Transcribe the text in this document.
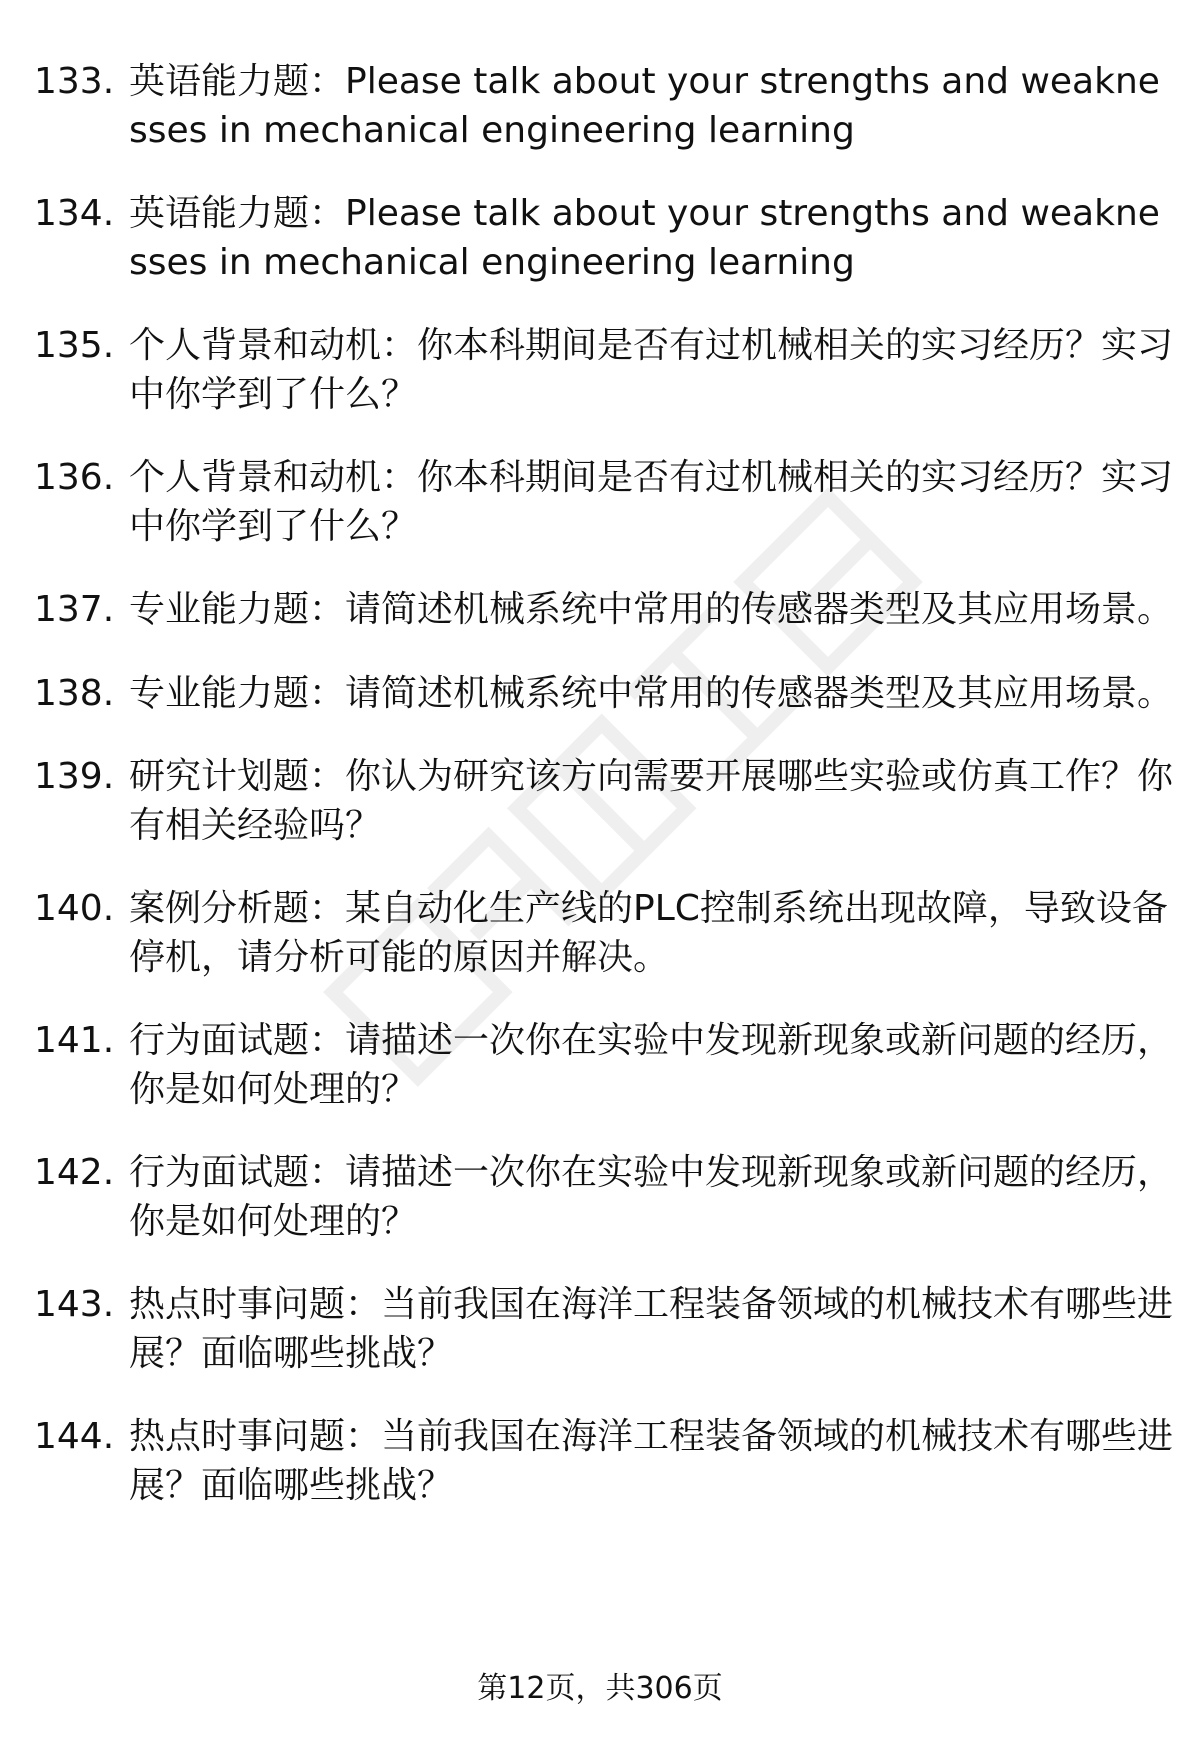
133. 英语能力题：Please talk about your strengths and weaknesses in mechanical engineering learning
134. 英语能力题：Please talk about your strengths and weaknesses in mechanical engineering learning
135. 个人背景和动机：你本科期间是否有过机械相关的实习经历？实习中你学到了什么？
136. 个人背景和动机：你本科期间是否有过机械相关的实习经历？实习中你学到了什么？
137. 专业能力题：请简述机械系统中常用的传感器类型及其应用场景。
138. 专业能力题：请简述机械系统中常用的传感器类型及其应用场景。
139. 研究计划题：你认为研究该方向需要开展哪些实验或仿真工作？你有相关经验吗？
140. 案例分析题：某自动化生产线的PLC控制系统出现故障，导致设备停机，请分析可能的原因并解决。
141. 行为面试题：请描述一次你在实验中发现新现象或新问题的经历，你是如何处理的？
142. 行为面试题：请描述一次你在实验中发现新现象或新问题的经历，你是如何处理的？
143. 热点时事问题：当前我国在海洋工程装备领域的机械技术有哪些进展？面临哪些挑战？
144. 热点时事问题：当前我国在海洋工程装备领域的机械技术有哪些进展？面临哪些挑战？
第12页，共306页
